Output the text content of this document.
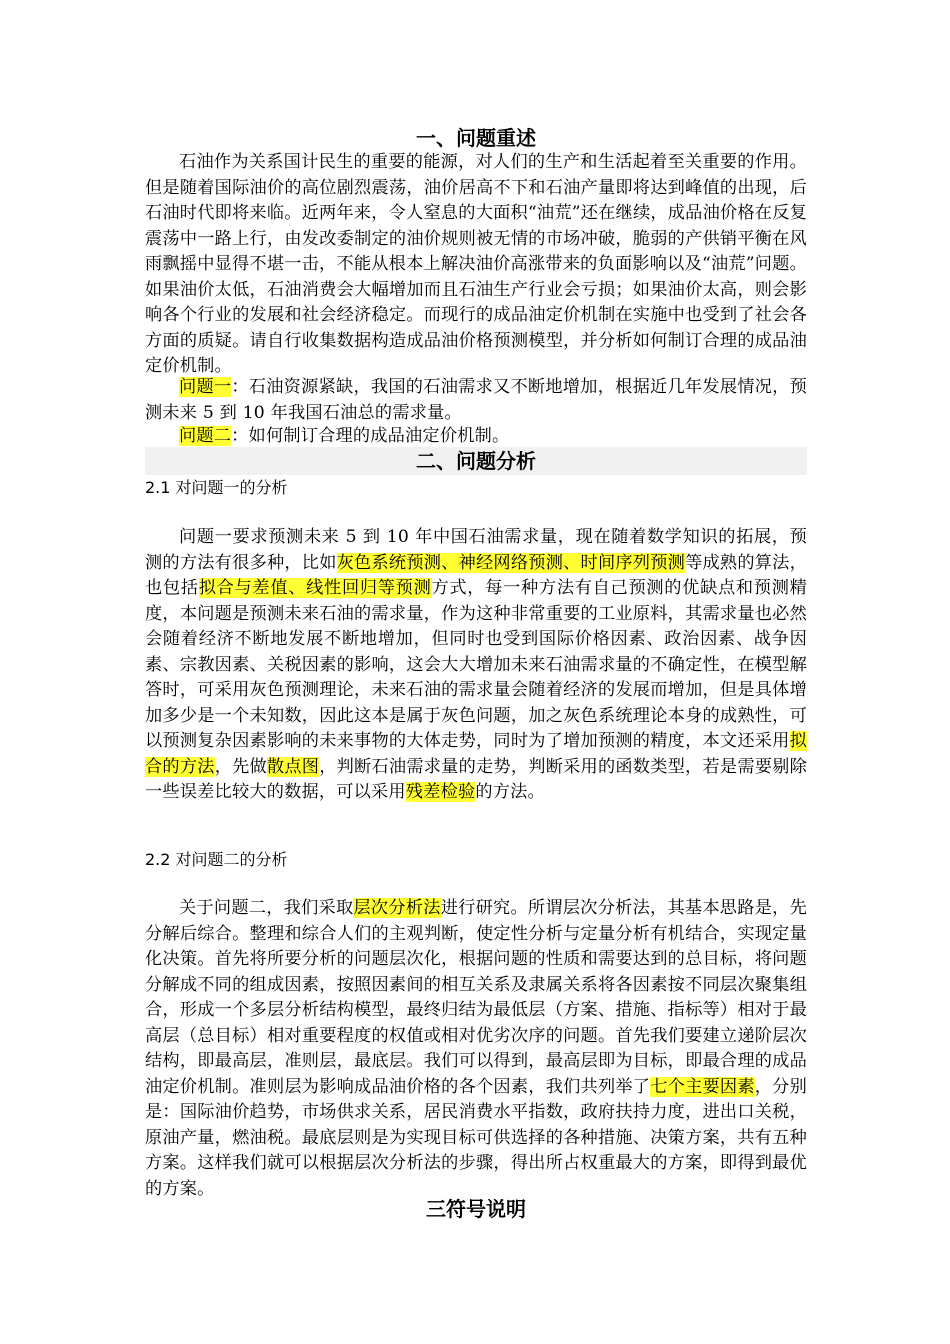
一、问题重述
石油作为关系国计民生的重要的能源，对人们的生产和生活起着至关重要的作用。但是随着国际油价的高位剧烈震荡，油价居高不下和石油产量即将达到峰值的出现，后石油时代即将来临。近两年来，令人窒息的大面积“油荒”还在继续，成品油价格在反复震荡中一路上行，由发改委制定的油价规则被无情的市场冲破，脆弱的产供销平衡在风雨飘摇中显得不堪一击，不能从根本上解决油价高涨带来的负面影响以及“油荒”问题。如果油价太低，石油消费会大幅增加而且石油生产行业会亏损；如果油价太高，则会影响各个行业的发展和社会经济稳定。而现行的成品油定价机制在实施中也受到了社会各方面的质疑。请自行收集数据构造成品油价格预测模型，并分析如何制订合理的成品油定价机制。
问题一：石油资源紧缺，我国的石油需求又不断地增加，根据近几年发展情况，预测未来 5 到 10 年我国石油总的需求量。
问题二：如何制订合理的成品油定价机制。
二、问题分析
2.1 对问题一的分析
问题一要求预测未来 5 到 10 年中国石油需求量，现在随着数学知识的拓展，预测的方法有很多种，比如灰色系统预测、神经网络预测、时间序列预测等成熟的算法，也包括拟合与差值、线性回归等预测方式，每一种方法有自己预测的优缺点和预测精度，本问题是预测未来石油的需求量，作为这种非常重要的工业原料，其需求量也必然会随着经济不断地发展不断地增加，但同时也受到国际价格因素、政治因素、战争因素、宗教因素、关税因素的影响，这会大大增加未来石油需求量的不确定性，在模型解答时，可采用灰色预测理论，未来石油的需求量会随着经济的发展而增加，但是具体增加多少是一个未知数，因此这本是属于灰色问题，加之灰色系统理论本身的成熟性，可以预测复杂因素影响的未来事物的大体走势，同时为了增加预测的精度，本文还采用拟合的方法，先做散点图，判断石油需求量的走势，判断采用的函数类型，若是需要剔除一些误差比较大的数据，可以采用残差检验的方法。
2.2 对问题二的分析
关于问题二，我们采取层次分析法进行研究。所谓层次分析法，其基本思路是，先分解后综合。整理和综合人们的主观判断，使定性分析与定量分析有机结合，实现定量化决策。首先将所要分析的问题层次化，根据问题的性质和需要达到的总目标，将问题分解成不同的组成因素，按照因素间的相互关系及隶属关系将各因素按不同层次聚集组合，形成一个多层分析结构模型，最终归结为最低层（方案、措施、指标等）相对于最高层（总目标）相对重要程度的权值或相对优劣次序的问题。首先我们要建立递阶层次结构，即最高层，准则层，最底层。我们可以得到，最高层即为目标，即最合理的成品油定价机制。准则层为影响成品油价格的各个因素，我们共列举了七个主要因素，分别是：国际油价趋势，市场供求关系，居民消费水平指数，政府扶持力度，进出口关税，原油产量，燃油税。最底层则是为实现目标可供选择的各种措施、决策方案，共有五种方案。这样我们就可以根据层次分析法的步骤，得出所占权重最大的方案，即得到最优的方案。
三符号说明
